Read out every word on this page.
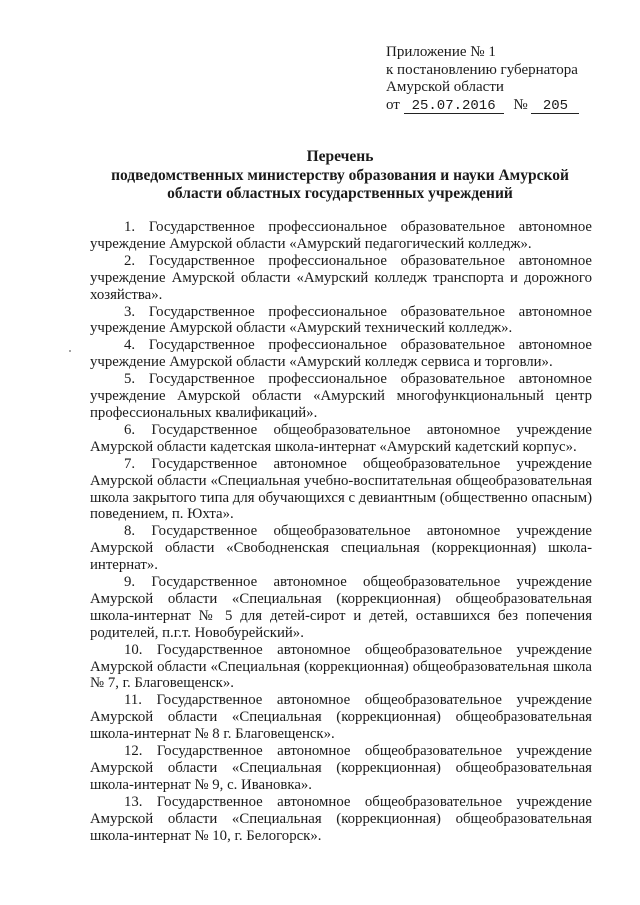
Приложение № 1
к постановлению губернатора
Амурской области
от 25.07.2016 № 205
Перечень
подведомственных министерству образования и науки Амурской
области областных государственных учреждений

1. Государственное профессиональное образовательное автономное учреждение Амурской области «Амурский педагогический колледж».

2. Государственное профессиональное образовательное автономное учреждение Амурской области «Амурский колледж транспорта и дорожного хозяйства».

3. Государственное профессиональное образовательное автономное учреждение Амурской области «Амурский технический колледж».

4. Государственное профессиональное образовательное автономное учреждение Амурской области «Амурский колледж сервиса и торговли».

5. Государственное профессиональное образовательное автономное учреждение Амурской области «Амурский многофункциональный центр профессиональных квалификаций».

6. Государственное общеобразовательное автономное учреждение Амурской области кадетская школа-интернат «Амурский кадетский корпус».

7. Государственное автономное общеобразовательное учреждение Амурской области «Специальная учебно-воспитательная общеобразовательная школа закрытого типа для обучающихся с девиантным (общественно опасным) поведением, п. Юхта».

8. Государственное общеобразовательное автономное учреждение Амурской области «Свободненская специальная (коррекционная) школа-интернат».

9. Государственное автономное общеобразовательное учреждение Амурской области «Специальная (коррекционная) общеобразовательная школа-интернат № 5 для детей-сирот и детей, оставшихся без попечения родителей, п.г.т. Новобурейский».

10. Государственное автономное общеобразовательное учреждение Амурской области «Специальная (коррекционная) общеобразовательная школа № 7, г. Благовещенск».

11. Государственное автономное общеобразовательное учреждение Амурской области «Специальная (коррекционная) общеобразовательная школа-интернат № 8 г. Благовещенск».

12. Государственное автономное общеобразовательное учреждение Амурской области «Специальная (коррекционная) общеобразовательная школа-интернат № 9, с. Ивановка».

13. Государственное автономное общеобразовательное учреждение Амурской области «Специальная (коррекционная) общеобразовательная школа-интернат № 10, г. Белогорск».
